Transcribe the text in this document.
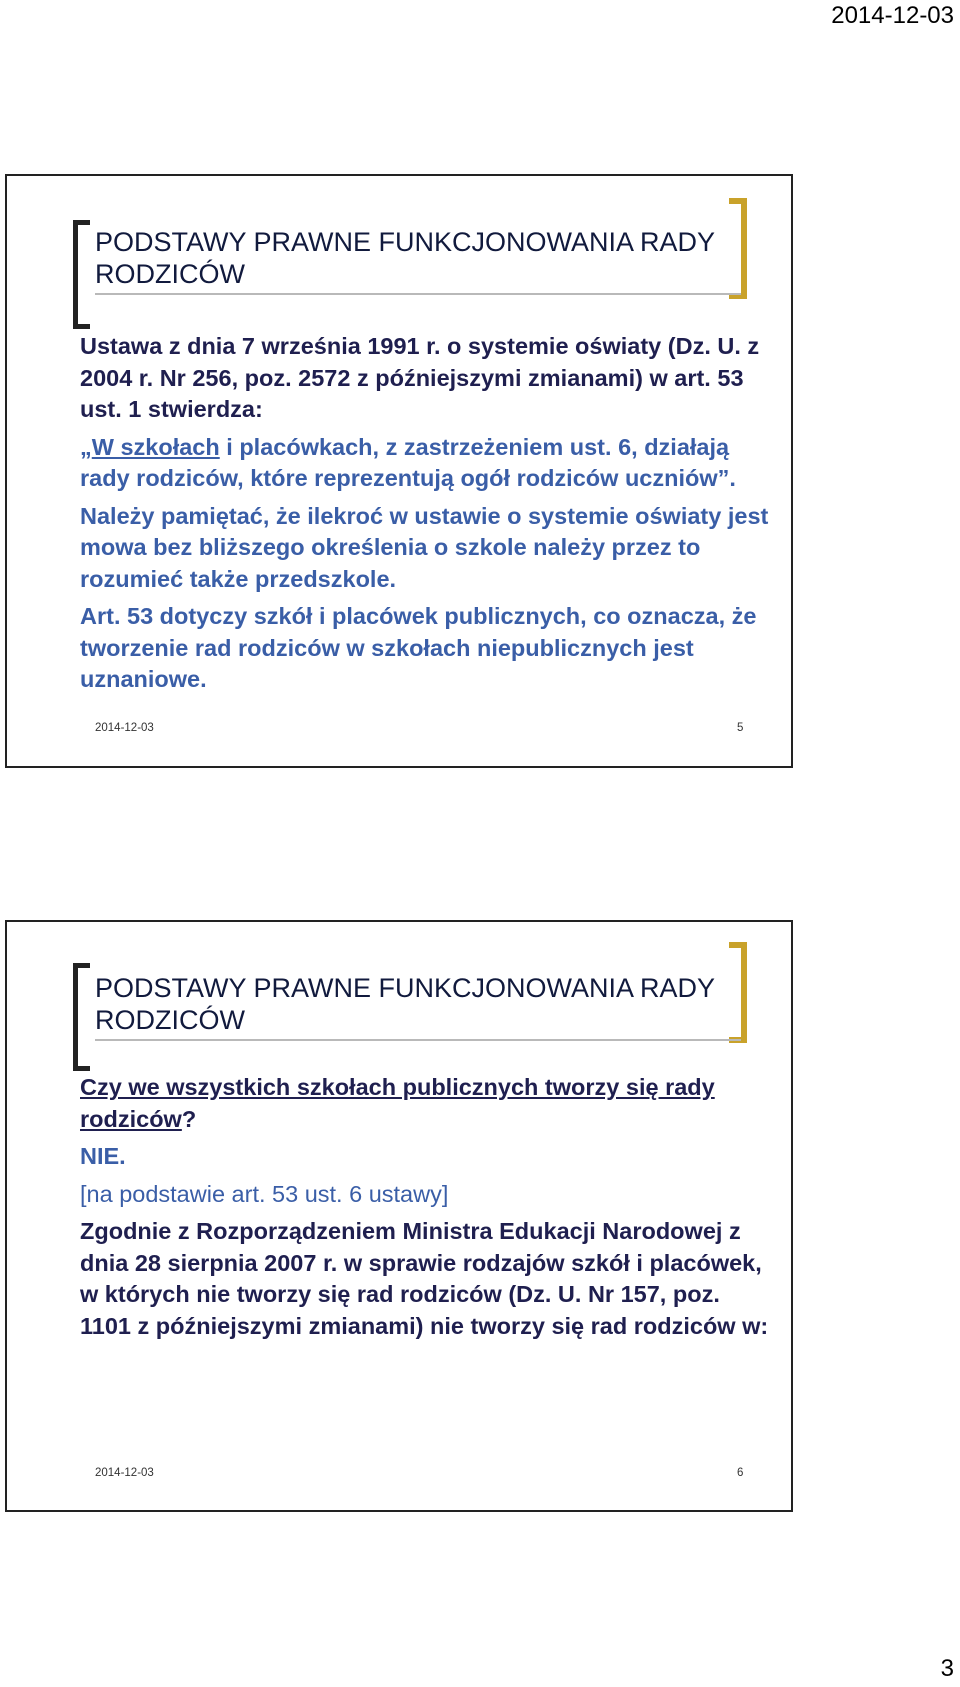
2014-12-03
PODSTAWY PRAWNE FUNKCJONOWANIA RADY
RODZICÓW

Ustawa z dnia 7 września 1991 r. o systemie oświaty (Dz. U. z 2004 r. Nr 256, poz. 2572 z późniejszymi zmianami) w art. 53 ust. 1 stwierdza:

„W szkołach i placówkach, z zastrzeżeniem ust. 6, działają rady rodziców, które reprezentują ogół rodziców uczniów”.

Należy pamiętać, że ilekroć w ustawie o systemie oświaty jest mowa bez bliższego określenia o szkole należy przez to rozumieć także przedszkole.

Art. 53 dotyczy szkół i placówek publicznych, co oznacza, że tworzenie rad rodziców w szkołach niepublicznych jest uznaniowe.

2014-12-03	5
PODSTAWY PRAWNE FUNKCJONOWANIA RADY
RODZICÓW

Czy we wszystkich szkołach publicznych tworzy się rady rodziców?

NIE.

[na podstawie art. 53 ust. 6 ustawy]

Zgodnie z Rozporządzeniem Ministra Edukacji Narodowej z dnia 28 sierpnia 2007 r. w sprawie rodzajów szkół i placówek, w których nie tworzy się rad rodziców (Dz. U. Nr 157, poz. 1101 z późniejszymi zmianami) nie tworzy się rad rodziców w:

2014-12-03	6
3
